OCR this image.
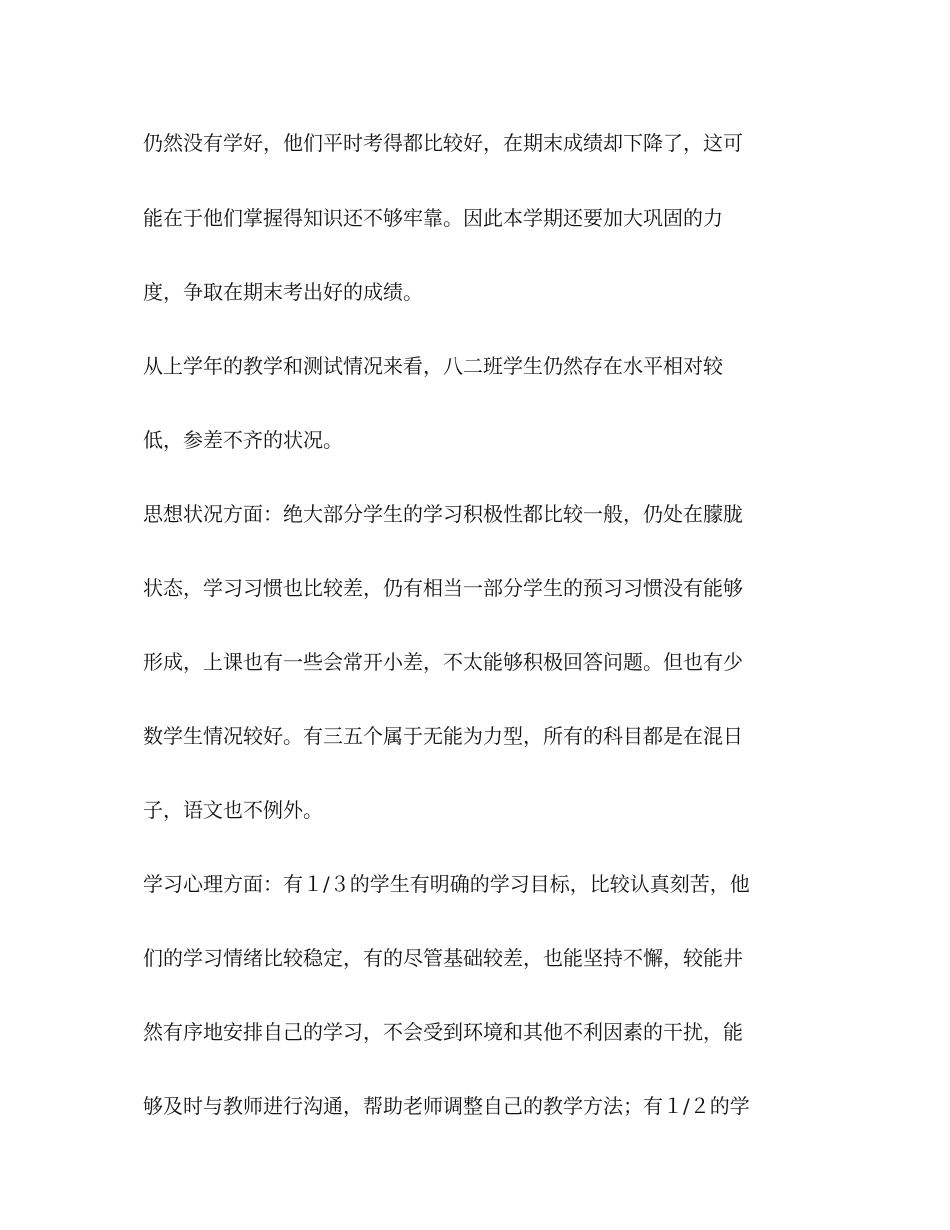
仍然没有学好，他们平时考得都比较好，在期末成绩却下降了，这可
能在于他们掌握得知识还不够牢靠。因此本学期还要加大巩固的力
度，争取在期末考出好的成绩。
从上学年的教学和测试情况来看，八二班学生仍然存在水平相对较
低，参差不齐的状况。
思想状况方面：绝大部分学生的学习积极性都比较一般，仍处在朦胧
状态，学习习惯也比较差，仍有相当一部分学生的预习习惯没有能够
形成，上课也有一些会常开小差，不太能够积极回答问题。但也有少
数学生情况较好。有三五个属于无能为力型，所有的科目都是在混日
子，语文也不例外。
学习心理方面：有１/３的学生有明确的学习目标，比较认真刻苦，他
们的学习情绪比较稳定，有的尽管基础较差，也能坚持不懈，较能井
然有序地安排自己的学习，不会受到环境和其他不利因素的干扰，能
够及时与教师进行沟通，帮助老师调整自己的教学方法；有１/２的学
